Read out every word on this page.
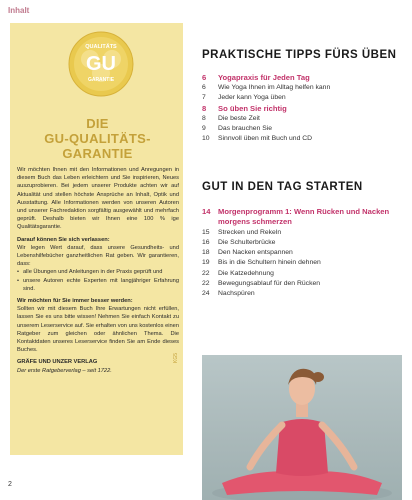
Inhalt
QUALITÄTS
GU
GARANTIE
DIE
GU-QUALITÄTS-
GARANTIE

Wir möchten Ihnen mit den Informationen und Anregungen in diesem Buch das Leben erleichtern und Sie inspirieren, Neues auszuprobieren. Bei jedem unserer Produkte achten wir auf Aktualität und stellen höchste Ansprüche an Inhalt, Optik und Ausstattung. Alle Informationen werden von unseren Autoren und unserer Fachredaktion sorgfältig ausgewählt und mehrfach geprüft. Deshalb bieten wir Ihnen eine 100 % ige Qualitätsgarantie.

Darauf können Sie sich verlassen:

Wir legen Wert darauf, dass unsere Gesundheits- und Lebenshilfebücher ganzheitlichen Rat geben. Wir garantieren, dass:

• alle Übungen und Anleitungen in der Praxis geprüft und
• unsere Autoren echte Experten mit langjähriger Erfahrung sind.
Wir möchten für Sie immer besser werden:

Sollten wir mit diesem Buch Ihre Erwartungen nicht erfüllen, lassen Sie es uns bitte wissen! Nehmen Sie einfach Kontakt zu unserem Leserservice auf. Sie erhalten von uns kostenlos einen Ratgeber zum gleichen oder ähnlichen Thema. Die Kontaktdaten unseres Leserservice finden Sie am Ende dieses Buches.

GRÄFE UND UNZER VERLAG

Der erste Ratgeberverlag – seit 1722.
KG5
2
PRAKTISCHE TIPPS FÜRS ÜBEN
6	Yogapraxis für Jeden Tag
6	Wie Yoga Ihnen im Alltag helfen kann
7	Jeder kann Yoga üben
8	So üben Sie richtig
8	Die beste Zeit
9	Das brauchen Sie
10	Sinnvoll üben mit Buch und CD
GUT IN DEN TAG STARTEN
14 Morgenprogramm 1: Wenn Rücken und Nacken morgens schmerzen
15	Strecken und Rekeln
16	Die Schulterbrücke
18	Den Nacken entspannen
19	Bis in die Schultern hinein dehnen
22	Die Katzedehnung
22	Bewegungsablauf für den Rücken
24	Nachspüren
